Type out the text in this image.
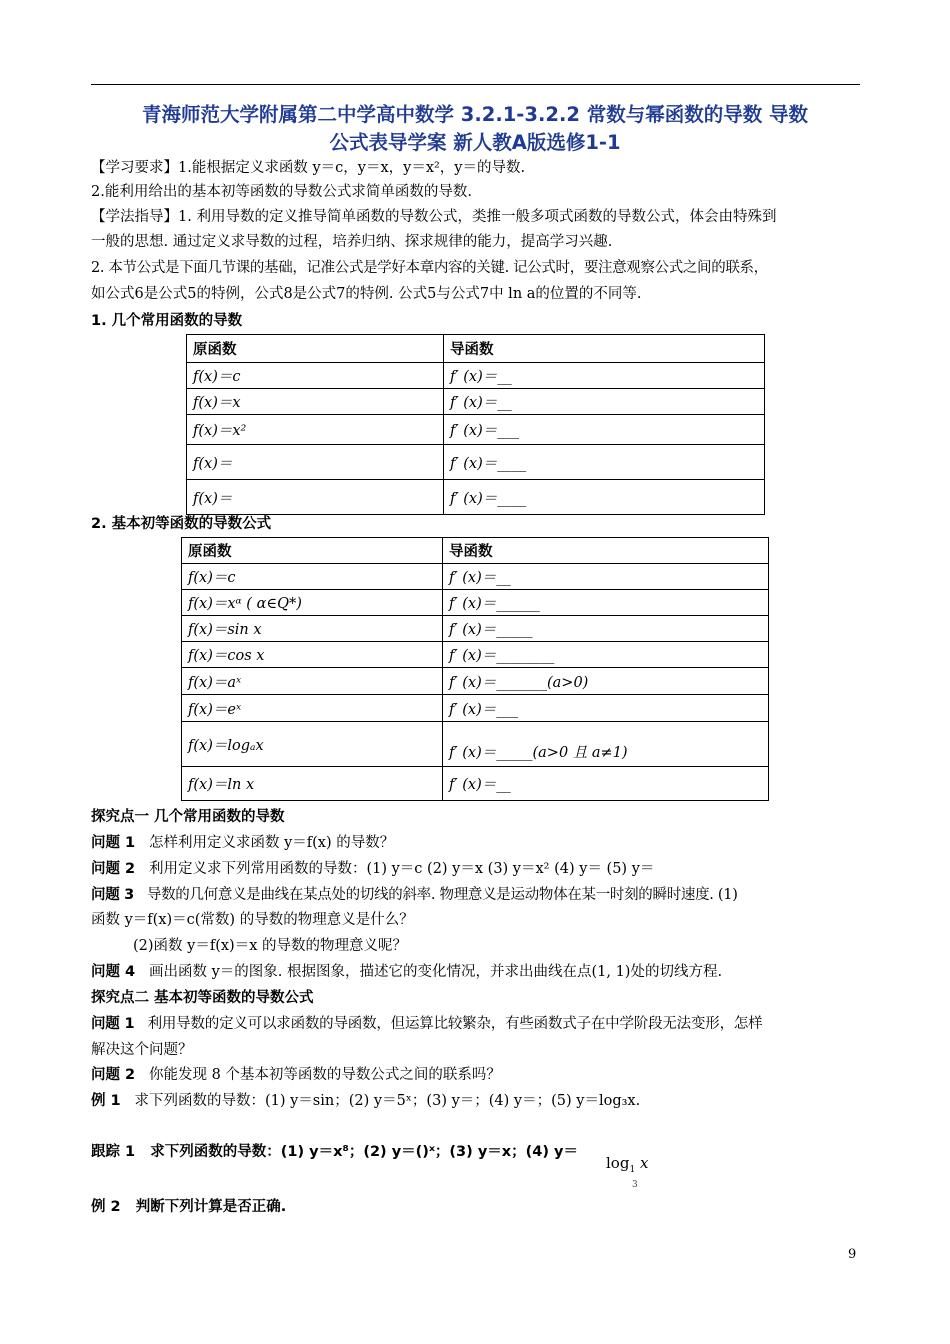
青海师范大学附属第二中学高中数学 3.2.1-3.2.2 常数与幂函数的导数 导数
公式表导学案 新人教A版选修1-1
【学习要求】1.能根据定义求函数 y＝c，y＝x，y＝x²，y＝的导数.
2.能利用给出的基本初等函数的导数公式求简单函数的导数.
【学法指导】1. 利用导数的定义推导简单函数的导数公式，类推一般多项式函数的导数公式，体会由特殊到
一般的思想. 通过定义求导数的过程，培养归纳、探求规律的能力，提高学习兴趣.
2. 本节公式是下面几节课的基础，记准公式是学好本章内容的关键. 记公式时，要注意观察公式之间的联系，
如公式6是公式5的特例，公式8是公式7的特例. 公式5与公式7中 ln a的位置的不同等.
1. 几个常用函数的导数
原函数	导函数
f(x)＝c	f′ (x)＝__
f(x)＝x	f′ (x)＝__
f(x)＝x²	f′ (x)＝___
f(x)＝	f′ (x)＝____
f(x)＝	f′ (x)＝____
2. 基本初等函数的导数公式
原函数	导函数
f(x)＝c	f′ (x)＝__
f(x)＝xᵅ ( α∈Q*)	f′ (x)＝______
f(x)＝sin x	f′ (x)＝_____
f(x)＝cos x	f′ (x)＝________
f(x)＝aˣ	f′ (x)＝_______(a>0)
f(x)＝eˣ	f′ (x)＝___
f(x)＝logₐx	f′ (x)＝_____(a>0 且 a≠1)
f(x)＝ln x	f′ (x)＝__
探究点一 几个常用函数的导数
问题 1 怎样利用定义求函数 y＝f(x) 的导数？
问题 2 利用定义求下列常用函数的导数：(1) y＝c (2) y＝x (3) y＝x² (4) y＝ (5) y＝
问题 3 导数的几何意义是曲线在某点处的切线的斜率. 物理意义是运动物体在某一时刻的瞬时速度. (1)
函数 y＝f(x)＝c(常数) 的导数的物理意义是什么？
(2)函数 y＝f(x)＝x 的导数的物理意义呢？
问题 4 画出函数 y＝的图象. 根据图象，描述它的变化情况，并求出曲线在点(1, 1)处的切线方程.
探究点二 基本初等函数的导数公式
问题 1 利用导数的定义可以求函数的导函数，但运算比较繁杂，有些函数式子在中学阶段无法变形，怎样
解决这个问题？
问题 2 你能发现 8 个基本初等函数的导数公式之间的联系吗？
例 1 求下列函数的导数：(1) y＝sin；(2) y＝5ˣ；(3) y＝；(4) y＝；(5) y＝log₃x.
跟踪 1 求下列函数的导数：(1) y＝x⁸；(2) y＝()ˣ；(3) y＝x；(4) y＝
$\log_1 x$
3
例 2 判断下列计算是否正确.
9
